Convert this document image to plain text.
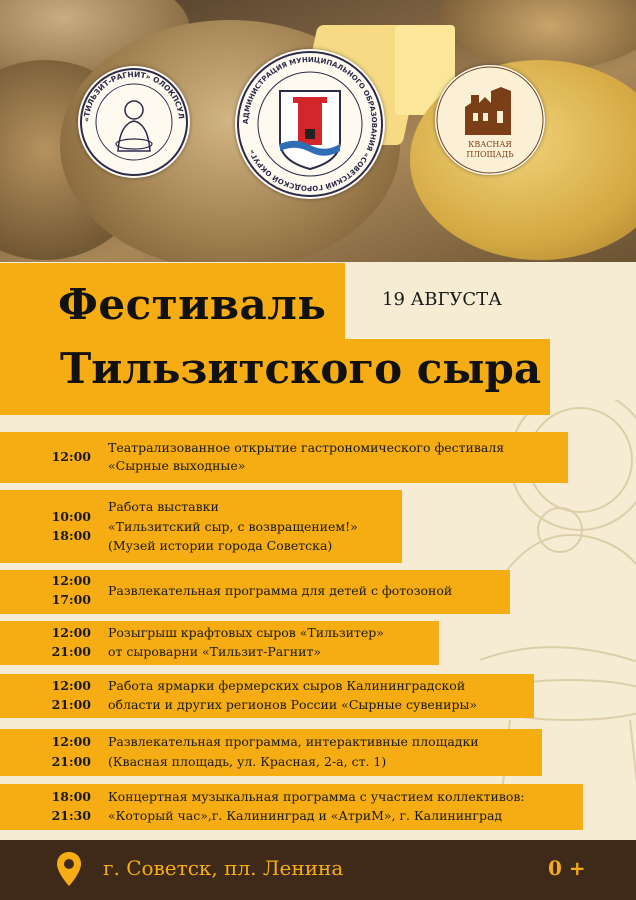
«ТИЛЬЗИТ-РАГНИТ» ОЛОКПСУЛ
АДМИНИСТРАЦИЯ МУНИЦИПАЛЬНОГО ОБРАЗОВАНИЯ «СОВЕТСКИЙ ГОРОДСКОЙ ОКРУГ»
КВАСНАЯ
ПЛОЩАДЬ
Фестиваль
Тильзитского сыра
19 АВГУСТА
12:00
Театрализованное открытие гастрономического фестиваля
«Сырные выходные»
10:00
18:00
Работа выставки
«Тильзитский сыр, с возвращением!»
(Музей истории города Советска)
12:00
17:00
Развлекательная программа для детей с фотозоной
12:00
21:00
Розыгрыш крафтовых сыров «Тильзитер»
от сыроварни «Тильзит-Рагнит»
12:00
21:00
Работа ярмарки фермерских сыров Калининградской
области и других регионов России «Сырные сувениры»
12:00
21:00
Развлекательная программа, интерактивные площадки
(Квасная площадь, ул. Красная, 2-а, ст. 1)
18:00
21:30
Концертная музыкальная программа с участием коллективов:
«Который час»,г. Калининград и «АтриМ», г. Калининград
г. Советск, пл. Ленина	0 +
